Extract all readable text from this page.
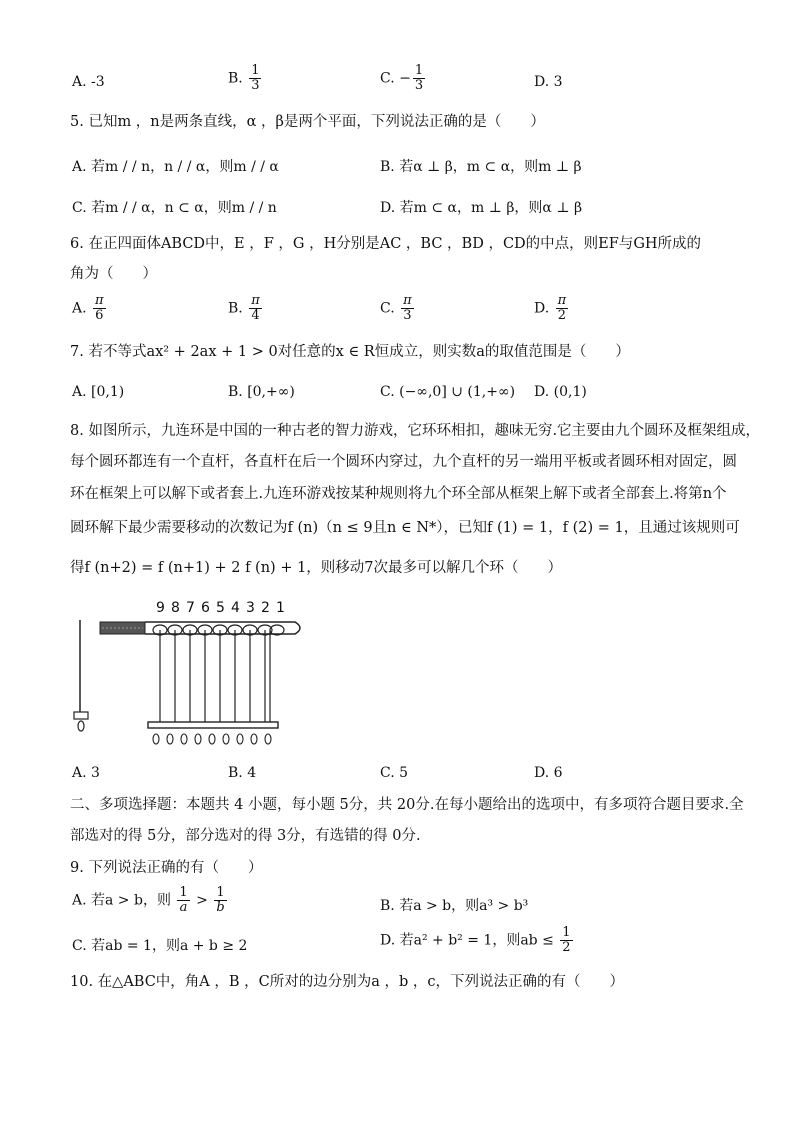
A. -3	B. $\frac{1}{3}$	C. − $\frac{1}{3}$	D. 3
5. 已知m ，n是两条直线，α ，β是两个平面，下列说法正确的是（　　）
A. 若m / / n，n / / α，则m / / α	B. 若α ⊥ β，m ⊂ α，则m ⊥ β
C. 若m / / α，n ⊂ α，则m / / n	D. 若m ⊂ α，m ⊥ β，则α ⊥ β
6. 在正四面体ABCD中，E ，F ，G ，H分别是AC ，BC ，BD ，CD的中点，则EF与GH所成的
角为（　　）
A. $\frac{\pi}{6}$	B. $\frac{\pi}{4}$	C. $\frac{\pi}{3}$	D. $\frac{\pi}{2}$
7. 若不等式ax² + 2ax + 1 > 0对任意的x ∈ R恒成立，则实数a的取值范围是（　　）
A. [0,1)	B. [0,+∞)	C. (−∞,0] ∪ (1,+∞) D. (0,1)
8. 如图所示，九连环是中国的一种古老的智力游戏，它环环相扣，趣味无穷.它主要由九个圆环及框架组成，
每个圆环都连有一个直杆，各直杆在后一个圆环内穿过，九个直杆的另一端用平板或者圆环相对固定，圆
环在框架上可以解下或者套上.九连环游戏按某种规则将九个环全部从框架上解下或者全部套上.将第n个
圆环解下最少需要移动的次数记为f (n)（n ≤ 9且n ∈ N*），已知f (1) = 1，f (2) = 1，且通过该规则可
得f (n+2) = f (n+1) + 2 f (n) + 1，则移动7次最多可以解几个环（　　）
9 8 7 6 5 4 3 2 1
A. 3	B. 4	C. 5	D. 6
二、多项选择题：本题共 4 小题，每小题 5分，共 20分.在每小题给出的选项中，有多项符合题目要求.全
部选对的得 5分，部分选对的得 3分，有选错的得 0分.
9. 下列说法正确的有（　　）
A. 若a > b，则 $\frac{1}{a} > \frac{1}{b}$	B. 若a > b，则a³ > b³
C. 若ab = 1，则a + b ≥ 2	D. 若a² + b² = 1，则ab ≤ $\frac{1}{2}$
10. 在△ABC中，角A ，B ，C所对的边分别为a ，b ，c，下列说法正确的有（　　）
